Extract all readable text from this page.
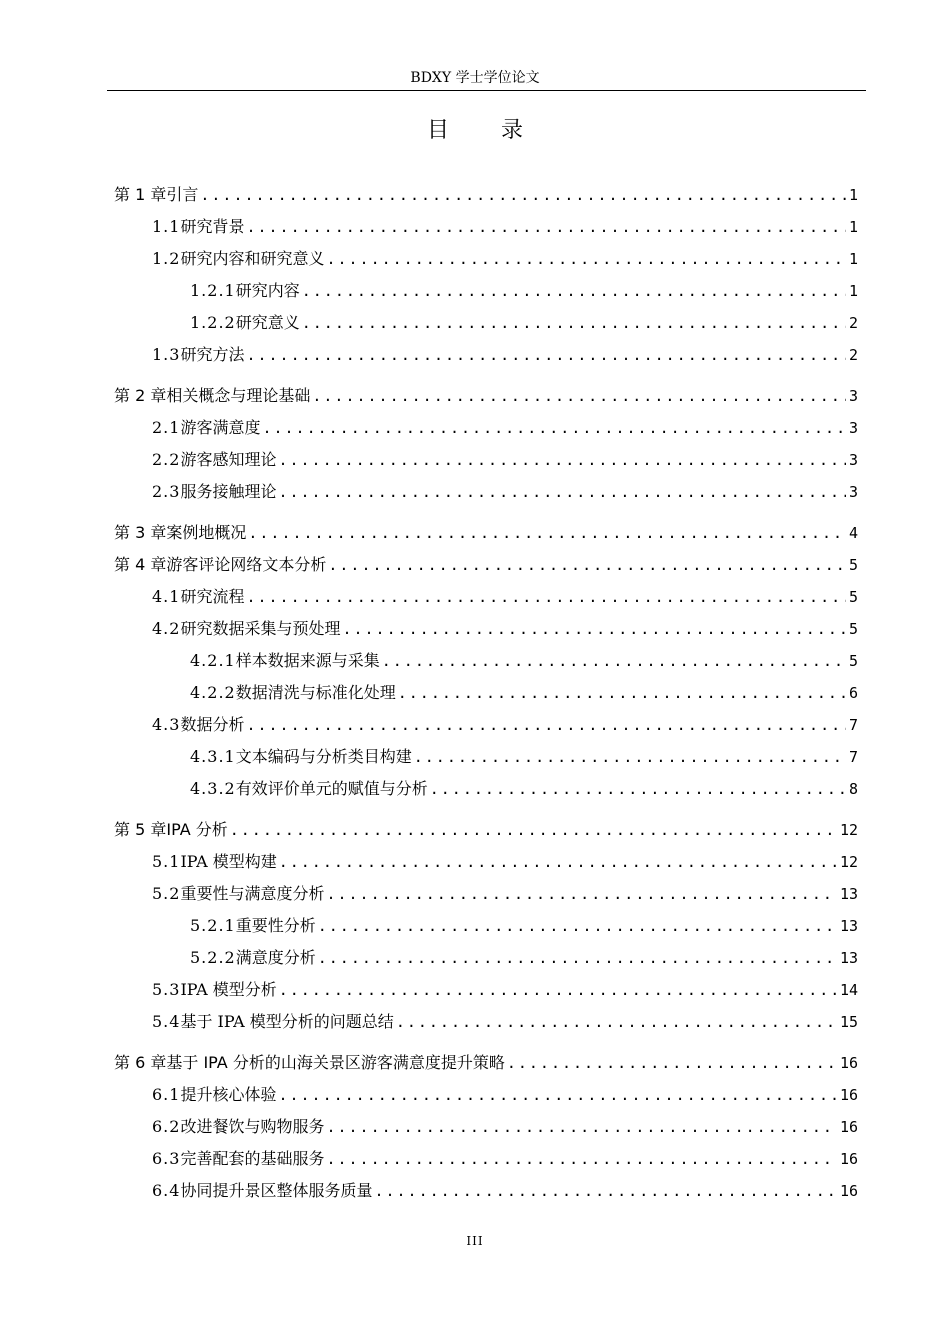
BDXY 学士学位论文
目录
第 1 章 引言 .....	1
1.1 研究背景 .....	1
1.2 研究内容和研究意义 .....	1
1.2.1 研究内容 .....	1
1.2.2 研究意义 .....	2
1.3 研究方法 .....	2
第 2 章 相关概念与理论基础 .....	3
2.1 游客满意度 .....	3
2.2 游客感知理论 .....	3
2.3 服务接触理论 .....	3
第 3 章 案例地概况 .....	4
第 4 章 游客评论网络文本分析 .....	5
4.1 研究流程 .....	5
4.2 研究数据采集与预处理 .....	5
4.2.1 样本数据来源与采集 .....	5
4.2.2 数据清洗与标准化处理 .....	6
4.3 数据分析 .....	7
4.3.1 文本编码与分析类目构建 .....	7
4.3.2 有效评价单元的赋值与分析 .....	8
第 5 章 IPA 分析 .....	12
5.1 IPA 模型构建 .....	12
5.2 重要性与满意度分析 .....	13
5.2.1 重要性分析 .....	13
5.2.2 满意度分析 .....	13
5.3 IPA 模型分析 .....	14
5.4 基于 IPA 模型分析的问题总结 .....	15
第 6 章 基于 IPA 分析的山海关景区游客满意度提升策略 .....	16
6.1 提升核心体验 .....	16
6.2 改进餐饮与购物服务 .....	16
6.3 完善配套的基础服务 .....	16
6.4 协同提升景区整体服务质量 .....	16
III
